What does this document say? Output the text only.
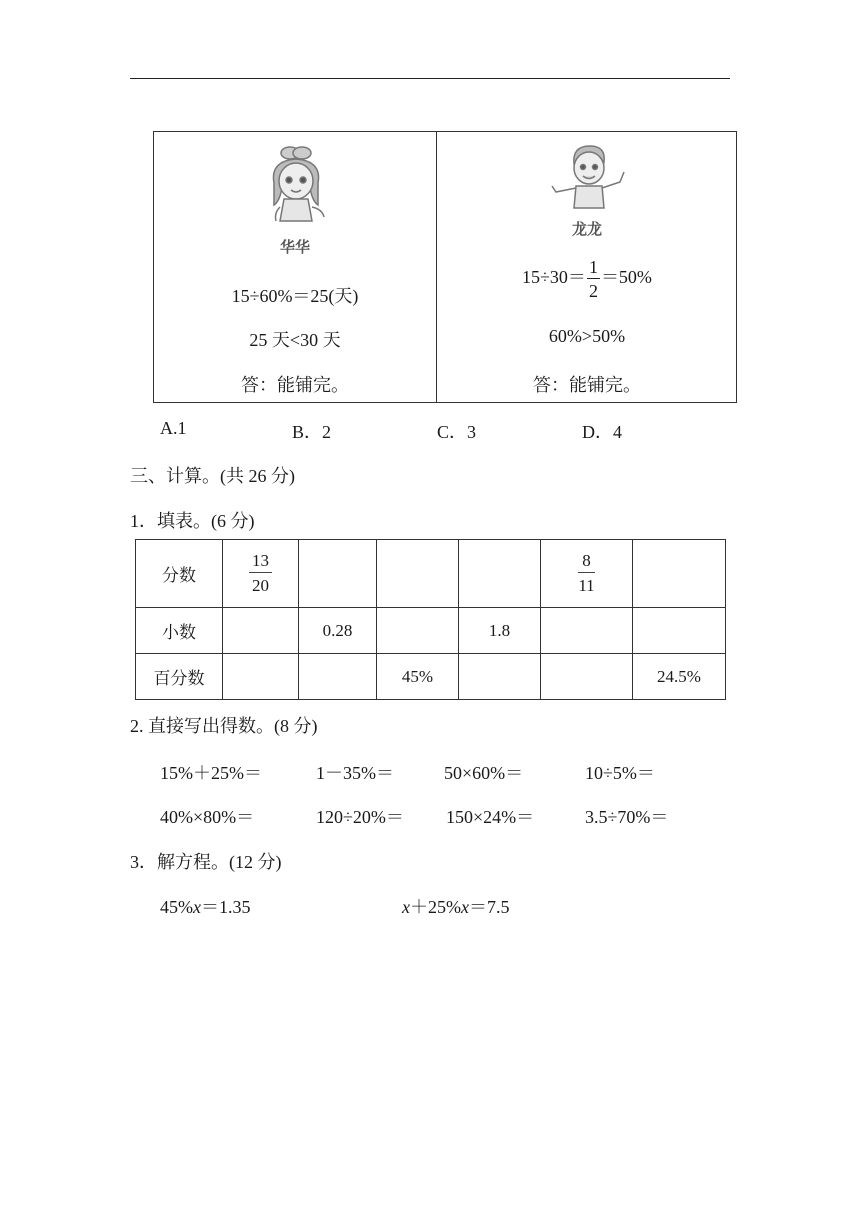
华华
龙龙
15÷60%＝25(天)
25 天<30 天
答：能铺完。
$15\div 30= \frac{1}{2} =50\%$
60%>50%
答：能铺完。
A.1	B．2	C．3	D．4
三、计算。(共 26 分)
1．填表。(6 分)
分数	$\frac{13}{20}$				$\frac{8}{11}$

小数		0.28		1.8		
百分数			45%			24.5%
2. 直接写出得数。(8 分)
15%＋25%＝	1－35%＝	50×60%＝	10÷5%＝
40%×80%＝	120÷20%＝ 150×24%＝	3.5÷70%＝
3．解方程。(12 分)
45%x＝1.35	x＋25%x＝7.5
